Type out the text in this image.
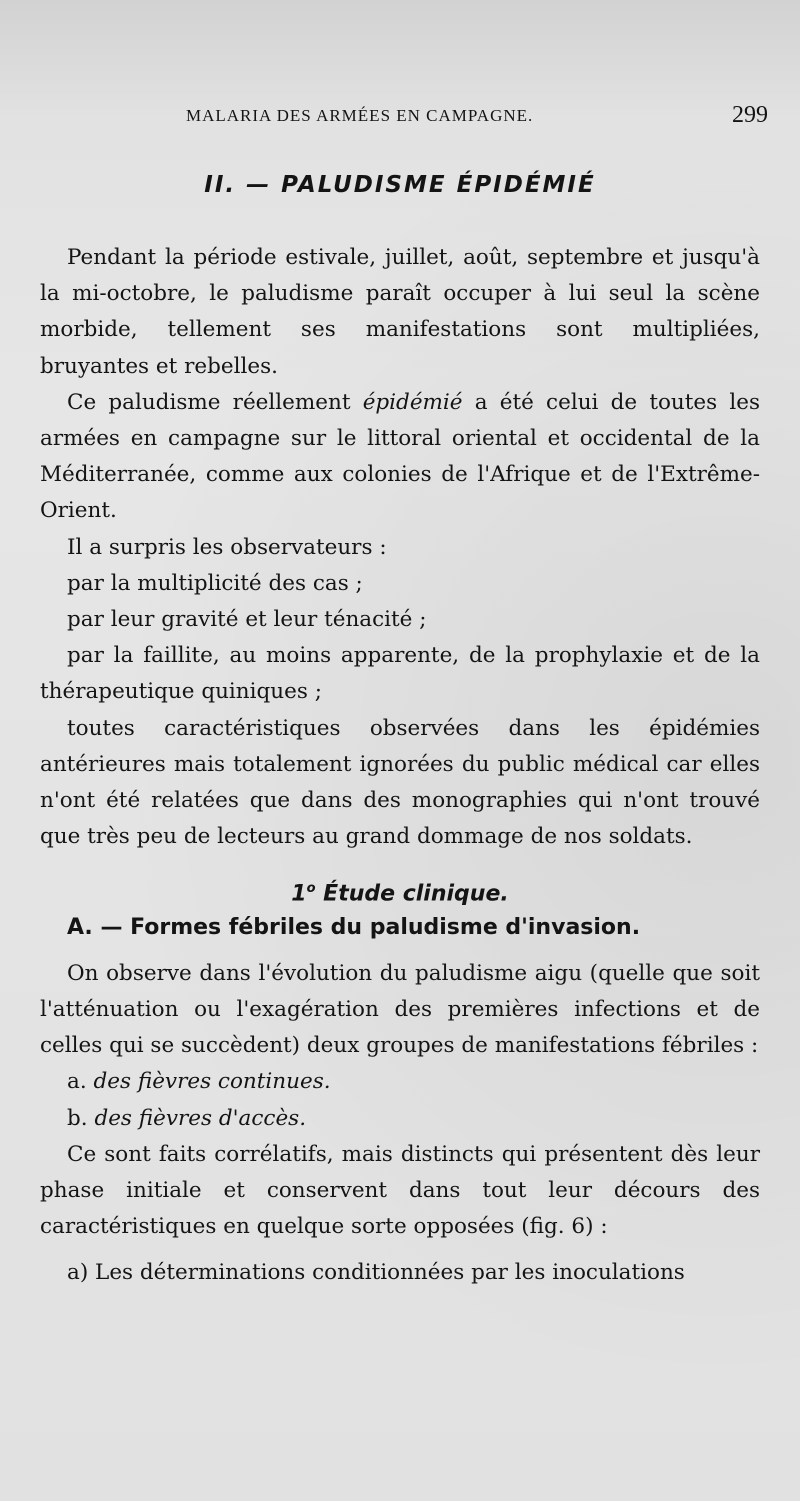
MALARIA DES ARMÉES EN CAMPAGNE.	299
II. — PALUDISME ÉPIDÉMIÉ

Pendant la période estivale, juillet, août, septembre et jusqu'à la mi-octobre, le paludisme paraît occuper à lui seul la scène morbide, tellement ses manifestations sont multipliées, bruyantes et rebelles.

Ce paludisme réellement épidémié a été celui de toutes les armées en campagne sur le littoral oriental et occidental de la Méditerranée, comme aux colonies de l'Afrique et de l'Extrême-Orient.

Il a surpris les observateurs :

par la multiplicité des cas ;

par leur gravité et leur ténacité ;

par la faillite, au moins apparente, de la prophylaxie et de la thérapeutique quiniques ;

toutes caractéristiques observées dans les épidémies antérieures mais totalement ignorées du public médical car elles n'ont été relatées que dans des monographies qui n'ont trouvé que très peu de lecteurs au grand dommage de nos soldats.

1$^o$ Étude clinique.
A. — Formes fébriles du paludisme d'invasion.

On observe dans l'évolution du paludisme aigu (quelle que soit l'atténuation ou l'exagération des premières infections et de celles qui se succèdent) deux groupes de manifestations fébriles :

a. des fièvres continues.

b. des fièvres d'accès.

Ce sont faits corrélatifs, mais distincts qui présentent dès leur phase initiale et conservent dans tout leur décours des caractéristiques en quelque sorte opposées (fig. 6) :

a) Les déterminations conditionnées par les inoculations
